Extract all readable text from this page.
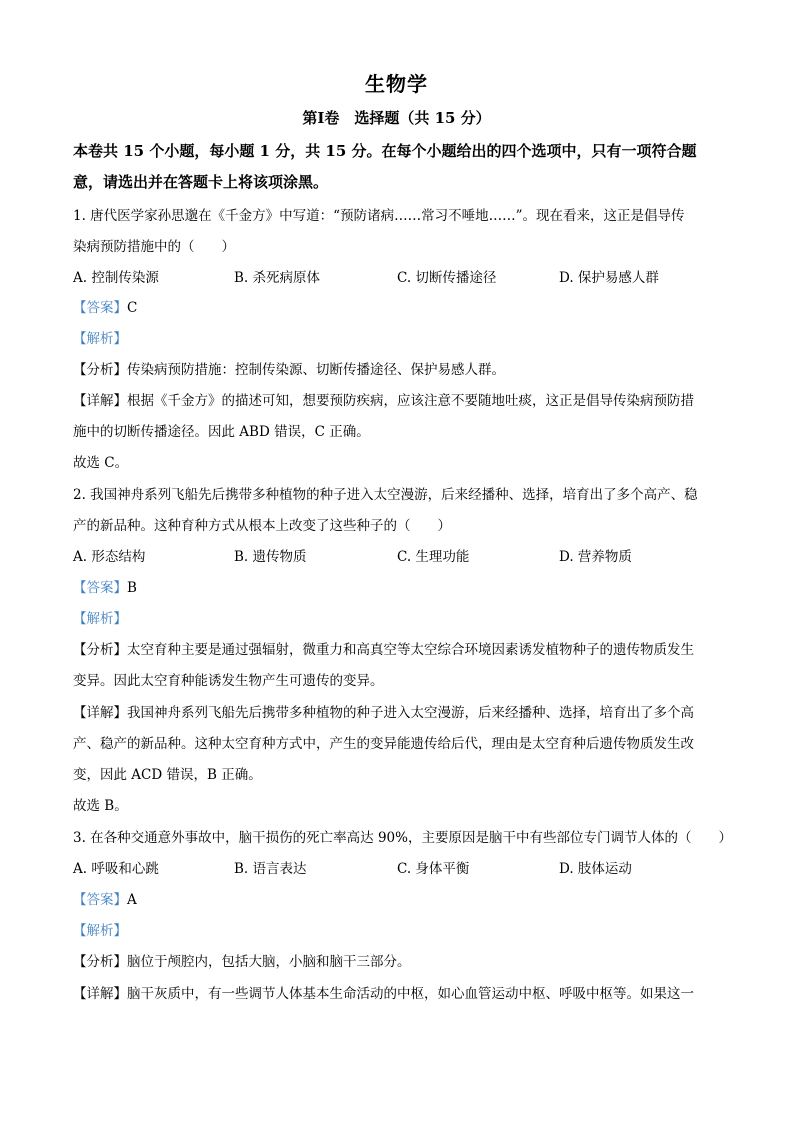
生物学
第Ⅰ卷　选择题（共 15 分）
本卷共 15 个小题，每小题 1 分，共 15 分。在每个小题给出的四个选项中，只有一项符合题
意，请选出并在答题卡上将该项涂黑。
1. 唐代医学家孙思邈在《千金方》中写道：“预防诸病……常习不唾地……”。现在看来，这正是倡导传
染病预防措施中的（　　）
A. 控制传染源	B. 杀死病原体	C. 切断传播途径	D. 保护易感人群
【答案】C
【解析】
【分析】传染病预防措施：控制传染源、切断传播途径、保护易感人群。
【详解】根据《千金方》的描述可知，想要预防疾病，应该注意不要随地吐痰，这正是倡导传染病预防措
施中的切断传播途径。因此 ABD 错误，C 正确。
故选 C。
2. 我国神舟系列飞船先后携带多种植物的种子进入太空漫游，后来经播种、选择，培育出了多个高产、稳
产的新品种。这种育种方式从根本上改变了这些种子的（　　）
A. 形态结构	B. 遗传物质	C. 生理功能	D. 营养物质
【答案】B
【解析】
【分析】太空育种主要是通过强辐射，微重力和高真空等太空综合环境因素诱发植物种子的遗传物质发生
变异。因此太空育种能诱发生物产生可遗传的变异。
【详解】我国神舟系列飞船先后携带多种植物的种子进入太空漫游，后来经播种、选择，培育出了多个高
产、稳产的新品种。这种太空育种方式中，产生的变异能遗传给后代，理由是太空育种后遗传物质发生改
变，因此 ACD 错误，B 正确。
故选 B。
3. 在各种交通意外事故中，脑干损伤的死亡率高达 90%，主要原因是脑干中有些部位专门调节人体的（　　）
A. 呼吸和心跳	B. 语言表达	C. 身体平衡	D. 肢体运动
【答案】A
【解析】
【分析】脑位于颅腔内，包括大脑，小脑和脑干三部分。
【详解】脑干灰质中，有一些调节人体基本生命活动的中枢，如心血管运动中枢、呼吸中枢等。如果这一
